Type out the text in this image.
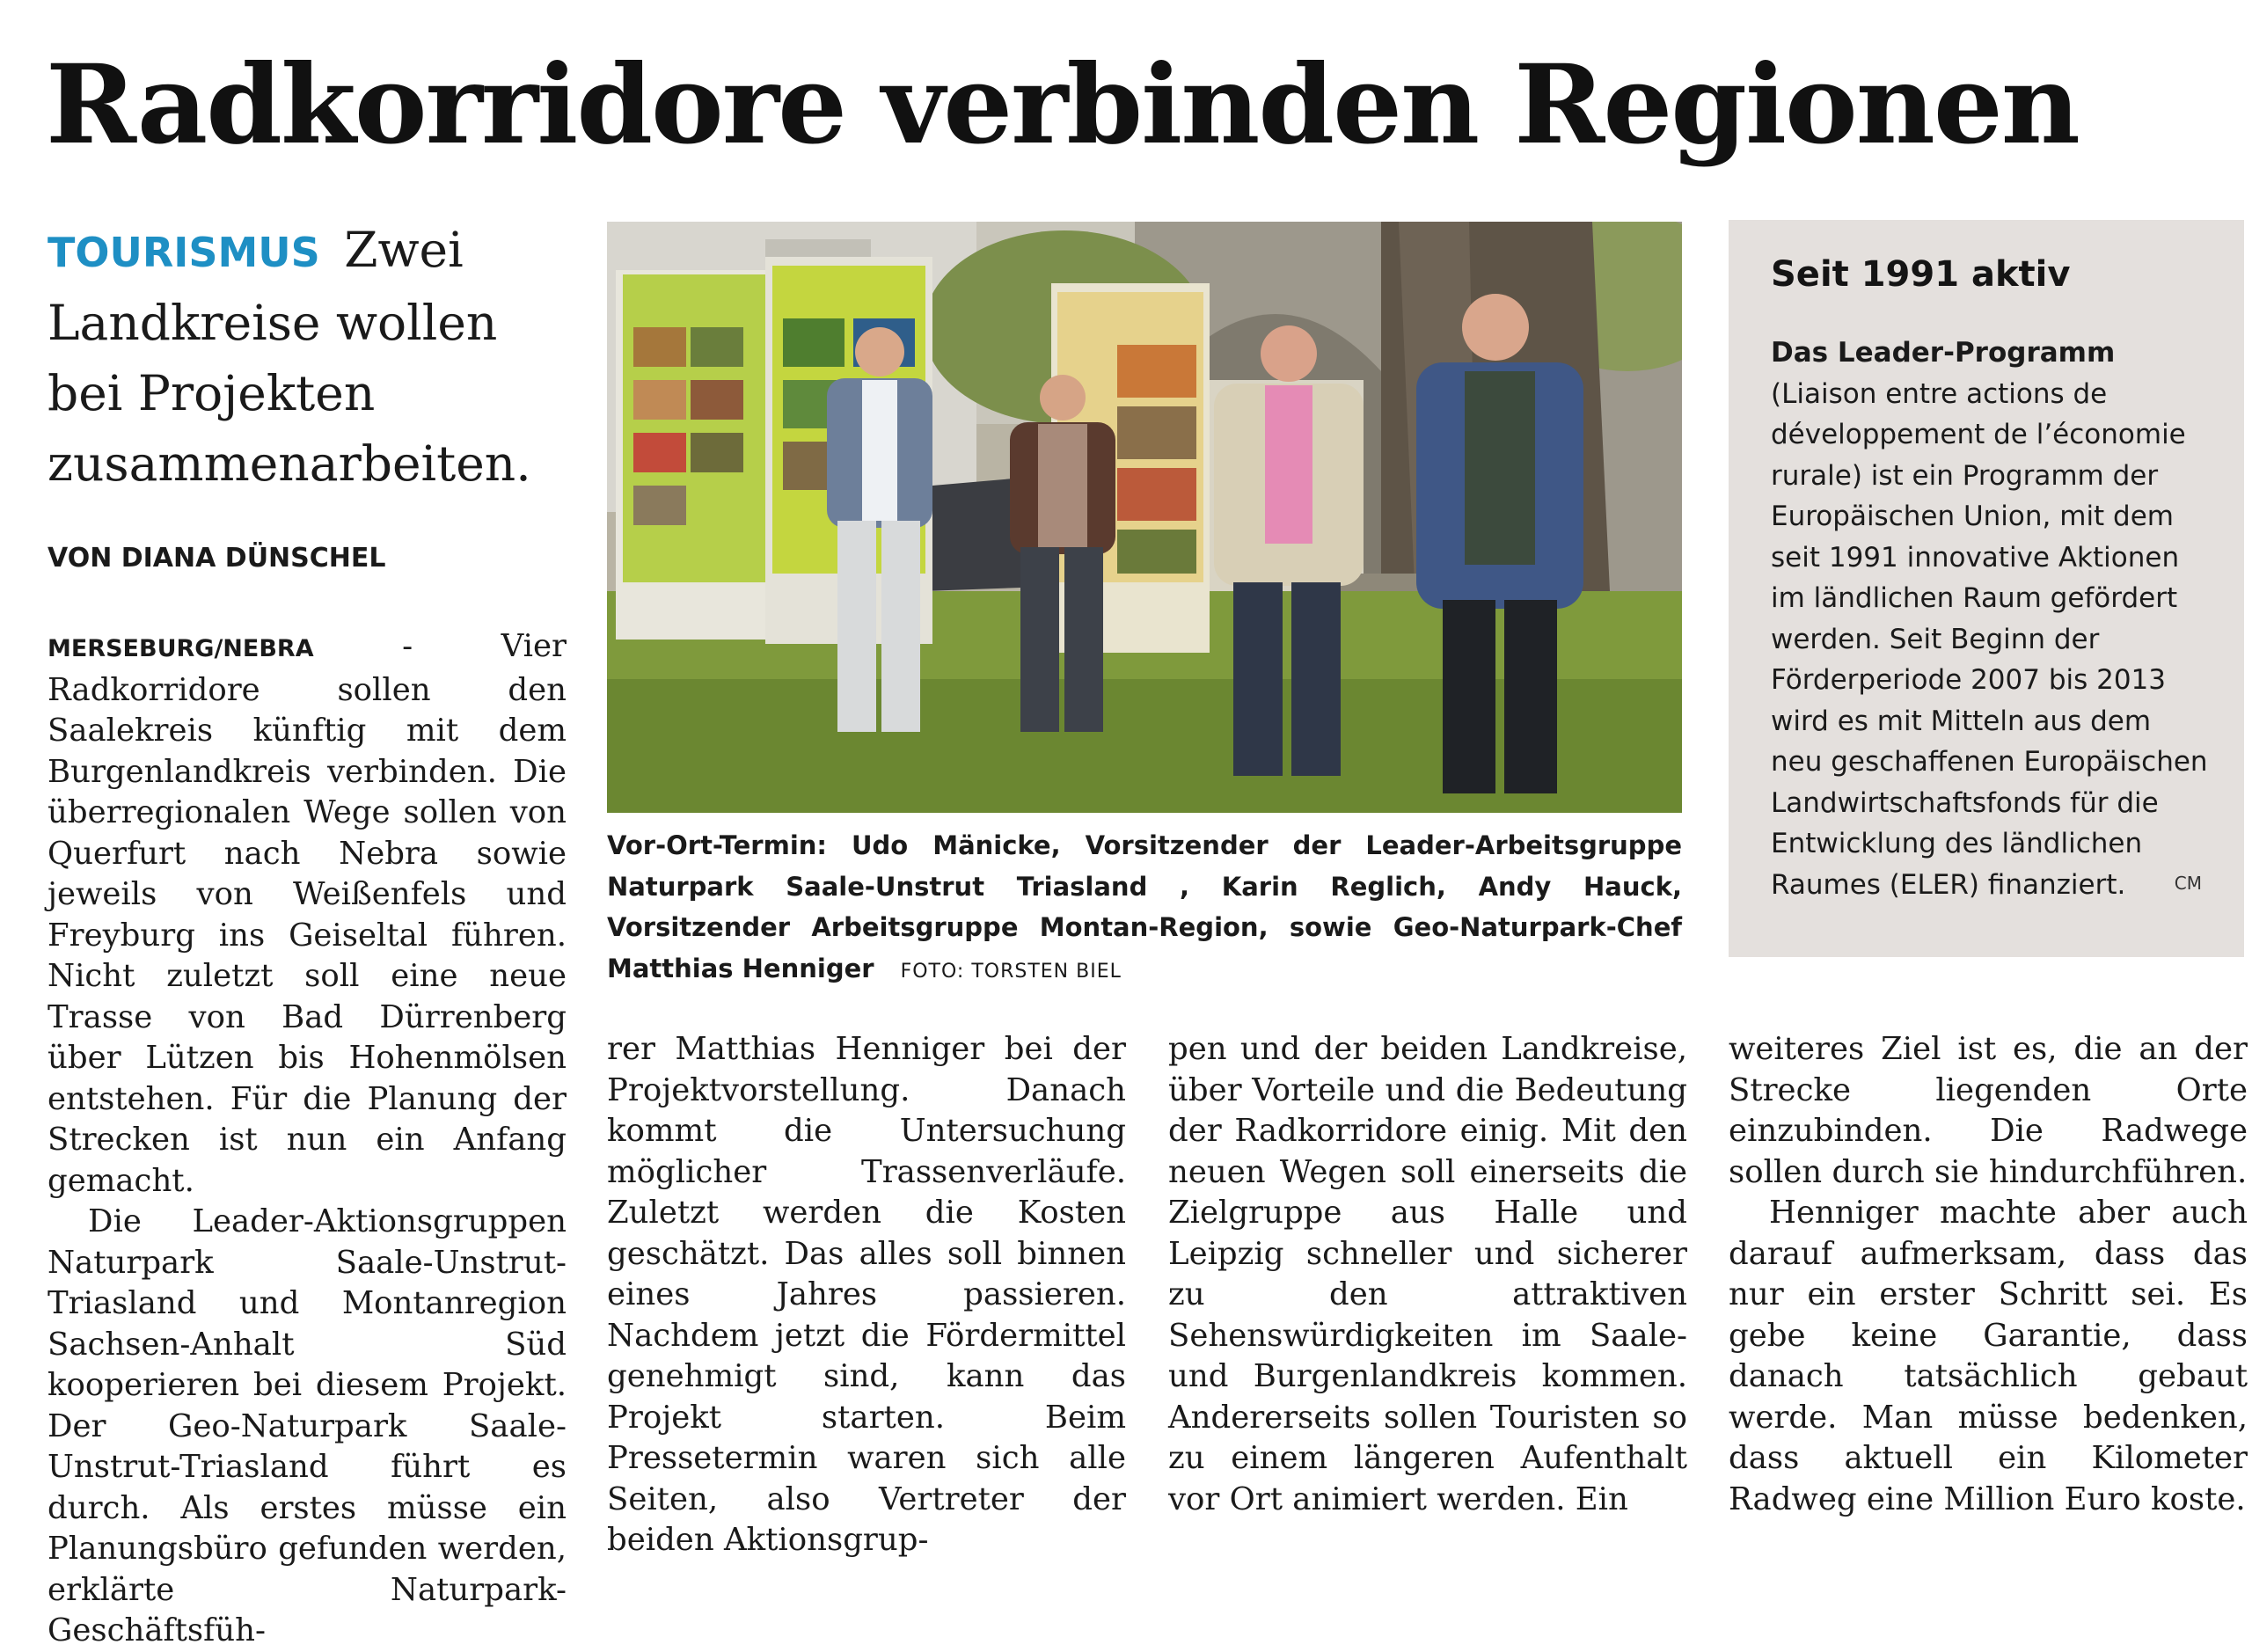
Radkorridore verbinden Regionen
TOURISMUS Zwei Landkreise wollen bei Projekten zusammenarbeiten.
VON DIANA DÜNSCHEL

MERSEBURG/NEBRA - Vier Radkorridore sollen den Saalekreis künftig mit dem Burgenlandkreis verbinden. Die überregionalen Wege sollen von Querfurt nach Nebra sowie jeweils von Weißenfels und Freyburg ins Geiseltal führen. Nicht zuletzt soll eine neue Trasse von Bad Dürrenberg über Lützen bis Hohenmölsen entstehen. Für die Planung der Strecken ist nun ein Anfang gemacht.

Die Leader-Aktionsgruppen Naturpark Saale-Unstrut-Triasland und Montanregion Sachsen-Anhalt Süd kooperieren bei diesem Projekt. Der Geo-Naturpark Saale-Unstrut-Triasland führt es durch. Als erstes müsse ein Planungsbüro gefunden werden, erklärte Naturpark-Geschäftsfüh-

rer Matthias Henniger bei der Projektvorstellung. Danach kommt die Untersuchung möglicher Trassenverläufe. Zuletzt werden die Kosten geschätzt. Das alles soll binnen eines Jahres passieren. Nachdem jetzt die Fördermittel genehmigt sind, kann das Projekt starten. Beim Pressetermin waren sich alle Seiten, also Vertreter der beiden Aktionsgrup-

pen und der beiden Landkreise, über Vorteile und die Bedeutung der Radkorridore einig. Mit den neuen Wegen soll einerseits die Zielgruppe aus Halle und Leipzig schneller und sicherer zu den attraktiven Sehenswürdigkeiten im Saale- und Burgenlandkreis kommen. Andererseits sollen Touristen so zu einem längeren Aufenthalt vor Ort animiert werden. Ein

weiteres Ziel ist es, die an der Strecke liegenden Orte einzubinden. Die Radwege sollen durch sie hindurchführen.

Henniger machte aber auch darauf aufmerksam, dass das nur ein erster Schritt sei. Es gebe keine Garantie, dass danach tatsächlich gebaut werde. Man müsse bedenken, dass aktuell ein Kilometer Radweg eine Million Euro koste.

Vor-Ort-Termin: Udo Mänicke, Vorsitzender der Leader-Arbeitsgruppe Naturpark Saale-Unstrut Triasland , Karin Reglich, Andy Hauck, Vorsitzender Arbeitsgruppe Montan-Region, sowie Geo-Naturpark-Chef Matthias Henniger FOTO: TORSTEN BIEL
Seit 1991 aktiv
Das Leader-Programm (Liaison entre actions de développement de l’économie rurale) ist ein Programm der Europäischen Union, mit dem seit 1991 innovative Aktionen im ländlichen Raum gefördert werden. Seit Beginn der Förderperiode 2007 bis 2013 wird es mit Mitteln aus dem neu geschaffenen Europäischen Landwirtschaftsfonds für die Entwicklung des ländlichen Raumes (ELER) finanziert.	CM
